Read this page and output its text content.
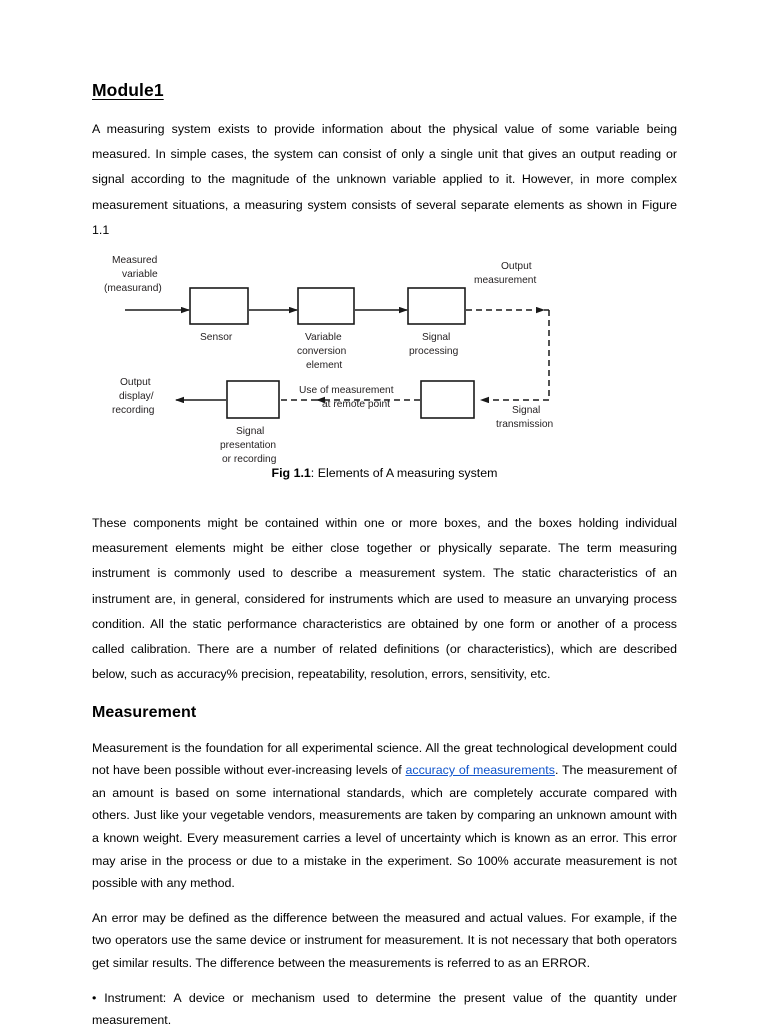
Module1

A measuring system exists to provide information about the physical value of some variable being measured. In simple cases, the system can consist of only a single unit that gives an output reading or signal according to the magnitude of the unknown variable applied to it. However, in more complex measurement situations, a measuring system consists of several separate elements as shown in Figure 1.1

Measured
variable
(measurand)
Sensor	Variable
conversion
element
Signal
processing
Output
measurement
Signal
transmission
Use of measurement
at remote point
Signal
presentation
or recording
Output
display/
recording
Fig 1.1: Elements of A measuring system

These components might be contained within one or more boxes, and the boxes holding individual measurement elements might be either close together or physically separate. The term measuring instrument is commonly used to describe a measurement system. The static characteristics of an instrument are, in general, considered for instruments which are used to measure an unvarying process condition. All the static performance characteristics are obtained by one form or another of a process called calibration. There are a number of related definitions (or characteristics), which are described below, such as accuracy% precision, repeatability, resolution, errors, sensitivity, etc.

Measurement

Measurement is the foundation for all experimental science. All the great technological development could not have been possible without ever-increasing levels of accuracy of measurements. The measurement of an amount is based on some international standards, which are completely accurate compared with others. Just like your vegetable vendors, measurements are taken by comparing an unknown amount with a known weight. Every measurement carries a level of uncertainty which is known as an error. This error may arise in the process or due to a mistake in the experiment. So 100% accurate measurement is not possible with any method.

An error may be defined as the difference between the measured and actual values. For example, if the two operators use the same device or instrument for measurement. It is not necessary that both operators get similar results. The difference between the measurements is referred to as an ERROR.

• Instrument: A device or mechanism used to determine the present value of the quantity under measurement.
